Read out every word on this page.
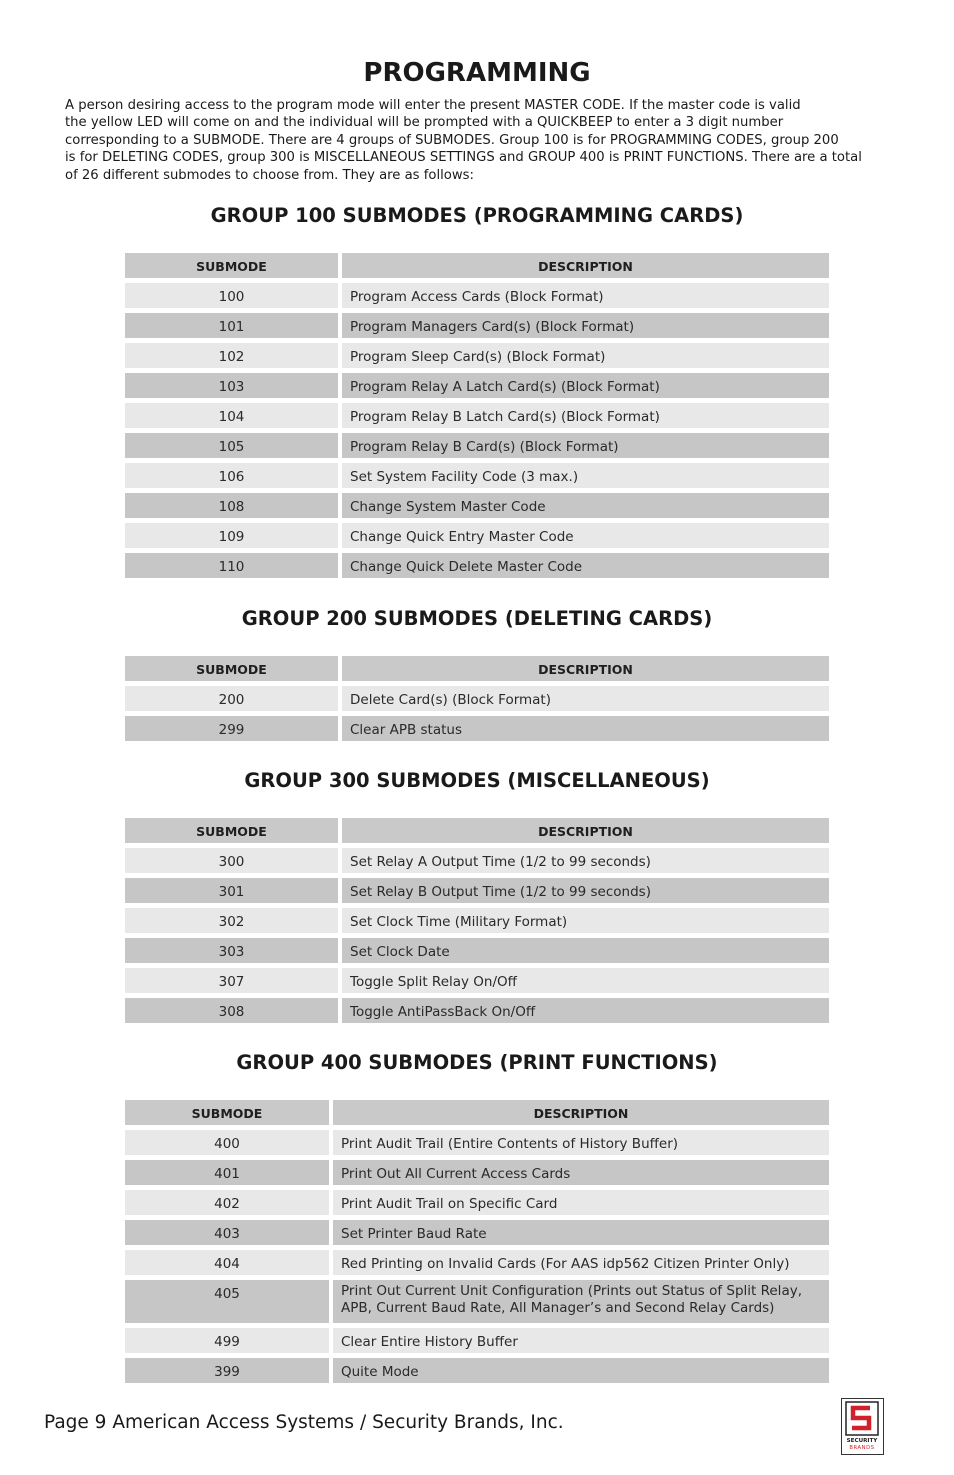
PROGRAMMING
A person desiring access to the program mode will enter the present MASTER CODE. If the master code is valid
the yellow LED will come on and the individual will be prompted with a QUICKBEEP to enter a 3 digit number
corresponding to a SUBMODE. There are 4 groups of SUBMODES. Group 100 is for PROGRAMMING CODES, group 200
is for DELETING CODES, group 300 is MISCELLANEOUS SETTINGS and GROUP 400 is PRINT FUNCTIONS. There are a total
of 26 different submodes to choose from. They are as follows:
GROUP 100 SUBMODES (PROGRAMMING CARDS)
SUBMODE	DESCRIPTION
100	Program Access Cards (Block Format)
101	Program Managers Card(s) (Block Format)
102	Program Sleep Card(s) (Block Format)
103	Program Relay A Latch Card(s) (Block Format)
104	Program Relay B Latch Card(s) (Block Format)
105	Program Relay B Card(s) (Block Format)
106	Set System Facility Code (3 max.)
108	Change System Master Code
109	Change Quick Entry Master Code
110	Change Quick Delete Master Code
GROUP 200 SUBMODES (DELETING CARDS)
SUBMODE	DESCRIPTION
200	Delete Card(s) (Block Format)
299	Clear APB status
GROUP 300 SUBMODES (MISCELLANEOUS)
SUBMODE	DESCRIPTION
300	Set Relay A Output Time (1/2 to 99 seconds)
301	Set Relay B Output Time (1/2 to 99 seconds)
302	Set Clock Time (Military Format)
303	Set Clock Date
307	Toggle Split Relay On/Off
308	Toggle AntiPassBack On/Off
GROUP 400 SUBMODES (PRINT FUNCTIONS)
SUBMODE	DESCRIPTION
400	Print Audit Trail (Entire Contents of History Buffer)
401	Print Out All Current Access Cards
402	Print Audit Trail on Specific Card
403	Set Printer Baud Rate
404	Red Printing on Invalid Cards (For AAS idp562 Citizen Printer Only)
405	Print Out Current Unit Configuration (Prints out Status of Split Relay,
APB, Current Baud Rate, All Manager’s and Second Relay Cards)
499	Clear Entire History Buffer
399	Quite Mode
Page 9 American Access Systems / Security Brands, Inc.
SECURITY
BRANDS
